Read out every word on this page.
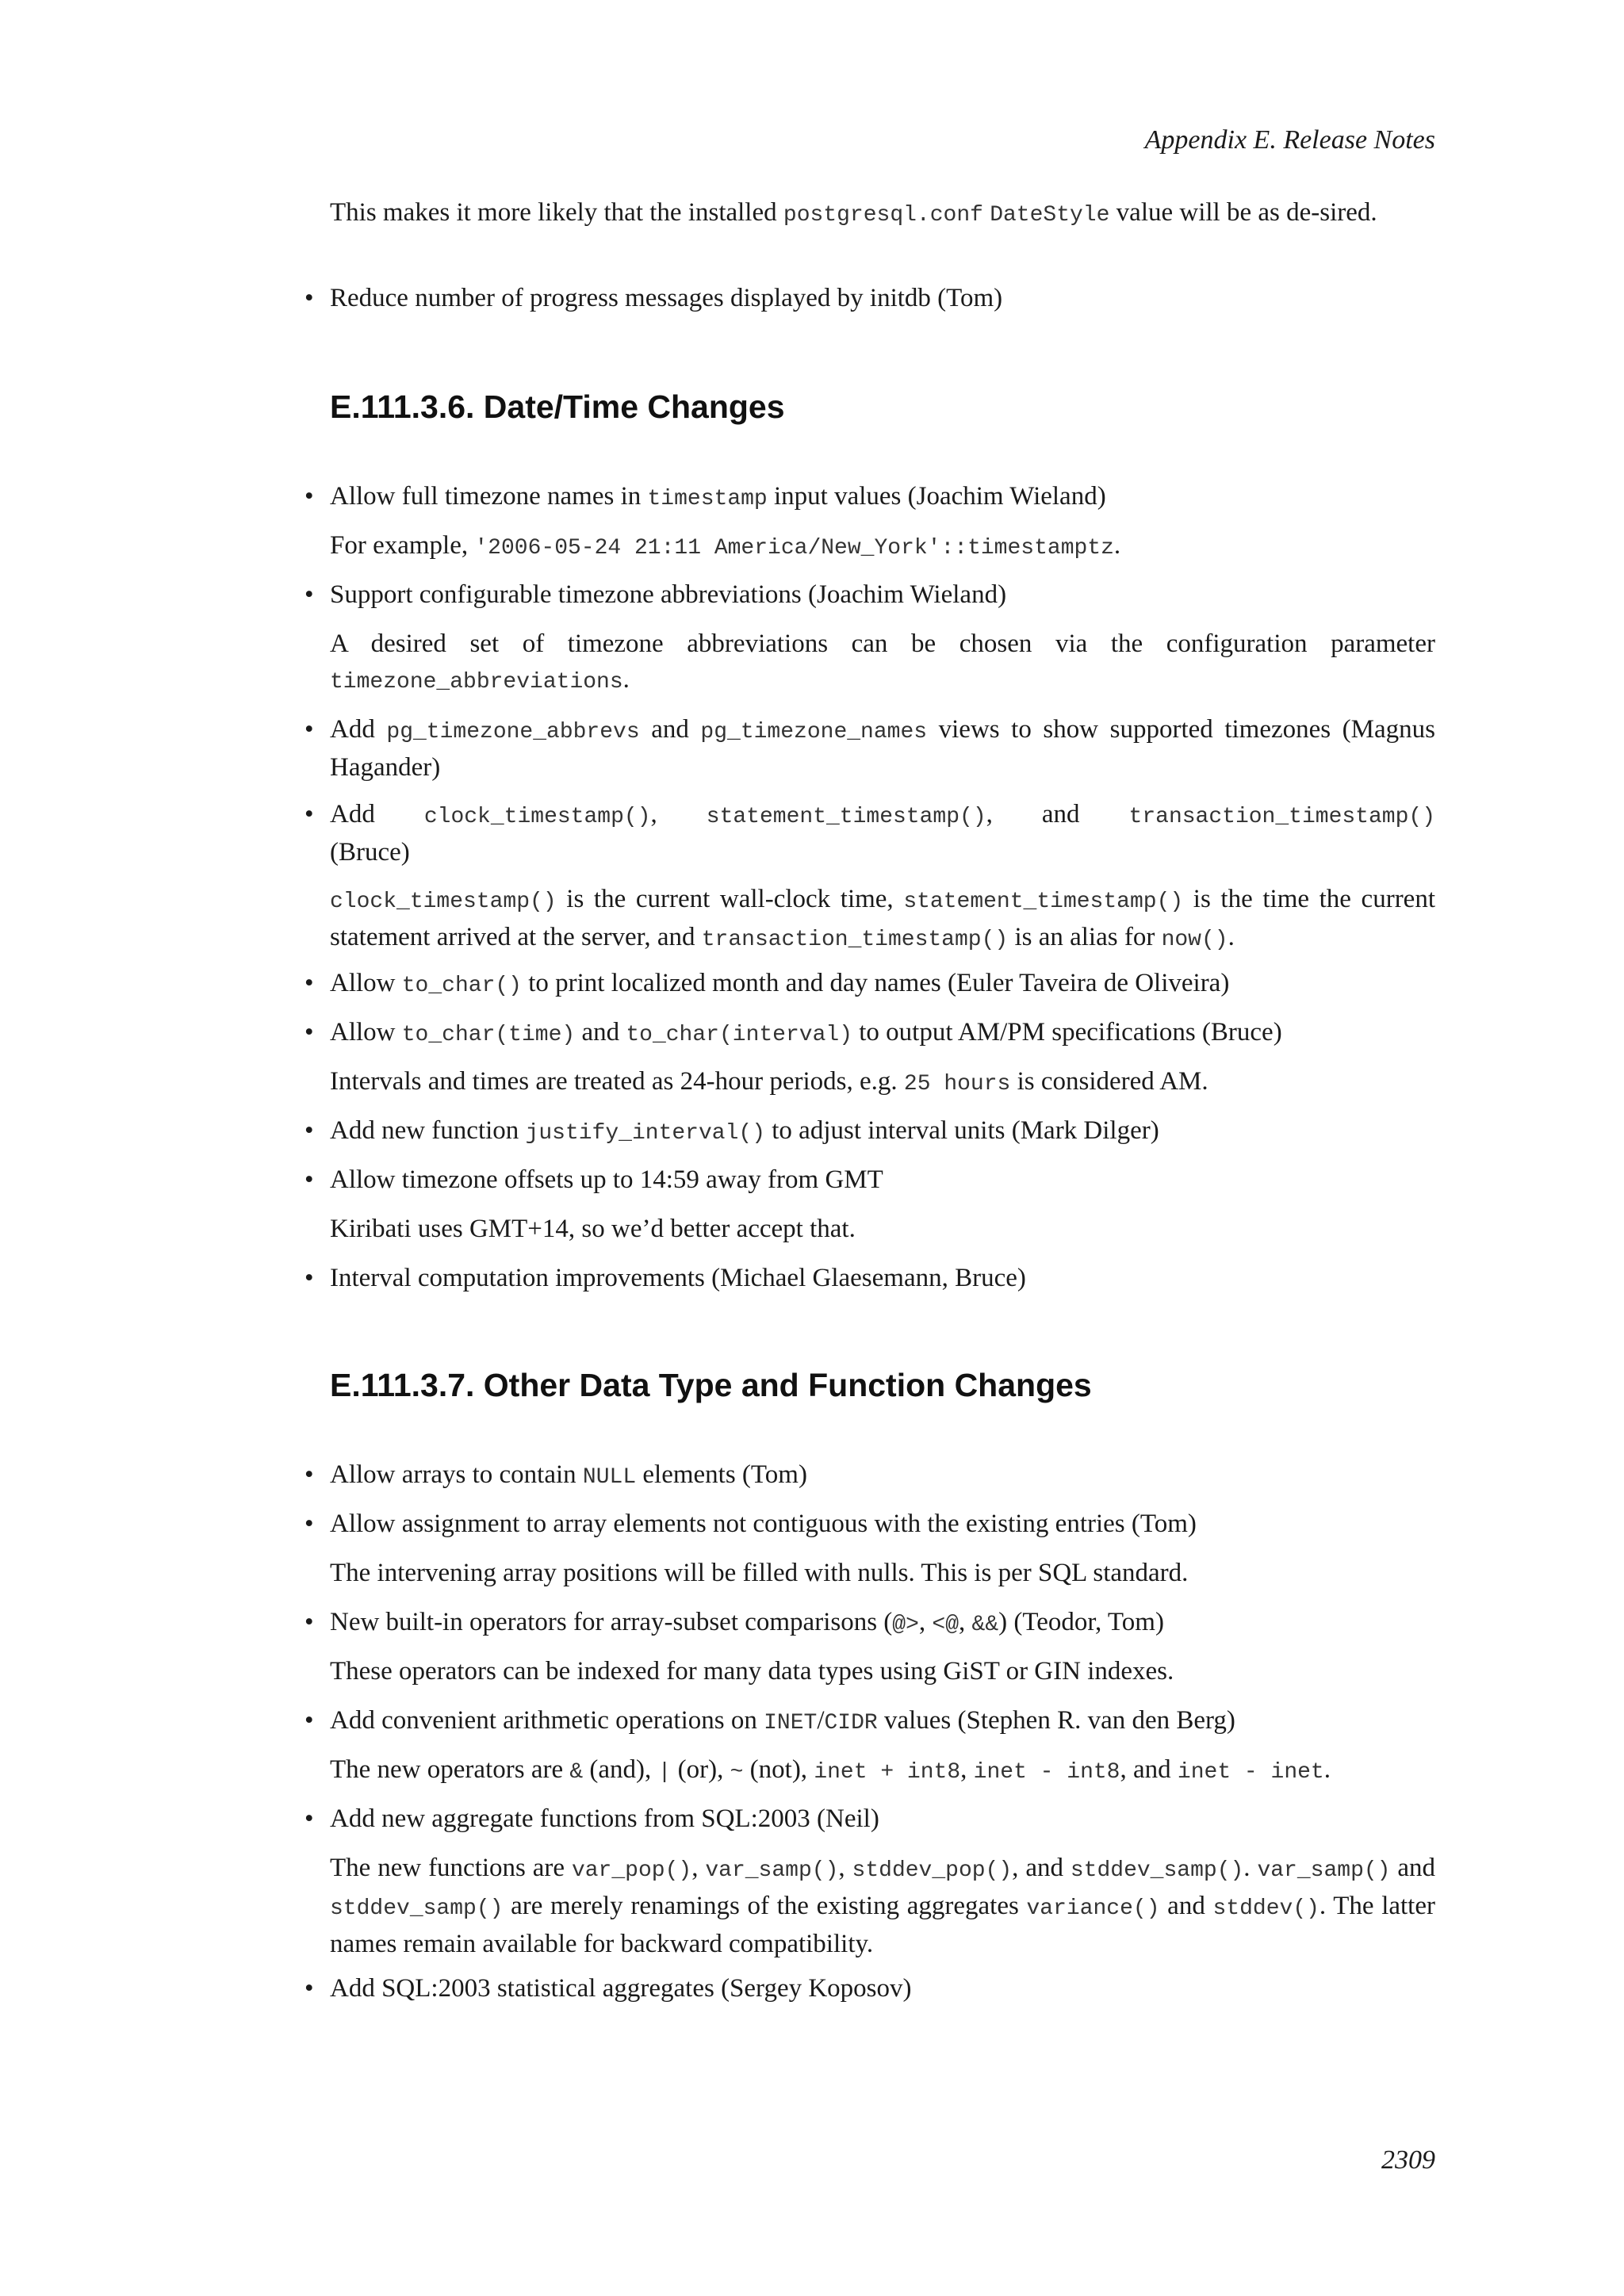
Appendix E. Release Notes

This makes it more likely that the installed postgresql.conf DateStyle value will be as de-sired.

• Reduce number of progress messages displayed by initdb (Tom)

E.111.3.6. Date/Time Changes
• Allow full timezone names in timestamp input values (Joachim Wieland)

For example, '2006-05-24 21:11 America/New_York'::timestamptz.

• Support configurable timezone abbreviations (Joachim Wieland)

A desired set of timezone abbreviations can be chosen via the configuration parameter

timezone_abbreviations.

• Add pg_timezone_abbrevs and pg_timezone_names views to show supported timezones (Magnus Hagander)

• Add clock_timestamp(), statement_timestamp(), and transaction_timestamp()

(Bruce)

clock_timestamp() is the current wall-clock time, statement_timestamp() is the time the current statement arrived at the server, and transaction_timestamp() is an alias for now().

• Allow to_char() to print localized month and day names (Euler Taveira de Oliveira)

• Allow to_char(time) and to_char(interval) to output AM/PM specifications (Bruce)

Intervals and times are treated as 24-hour periods, e.g. 25 hours is considered AM.

• Add new function justify_interval() to adjust interval units (Mark Dilger)

• Allow timezone offsets up to 14:59 away from GMT

Kiribati uses GMT+14, so we’d better accept that.

• Interval computation improvements (Michael Glaesemann, Bruce)

E.111.3.7. Other Data Type and Function Changes
• Allow arrays to contain NULL elements (Tom)

• Allow assignment to array elements not contiguous with the existing entries (Tom)

The intervening array positions will be filled with nulls. This is per SQL standard.

• New built-in operators for array-subset comparisons (@>, <@, &&) (Teodor, Tom)

These operators can be indexed for many data types using GiST or GIN indexes.

• Add convenient arithmetic operations on INET/CIDR values (Stephen R. van den Berg)

The new operators are & (and), | (or), ~ (not), inet + int8, inet - int8, and inet - inet.

• Add new aggregate functions from SQL:2003 (Neil)

The new functions are var_pop(), var_samp(), stddev_pop(), and stddev_samp(). var_samp() and stddev_samp() are merely renamings of the existing aggregates variance() and stddev(). The latter names remain available for backward compatibility.

• Add SQL:2003 statistical aggregates (Sergey Koposov)

2309
